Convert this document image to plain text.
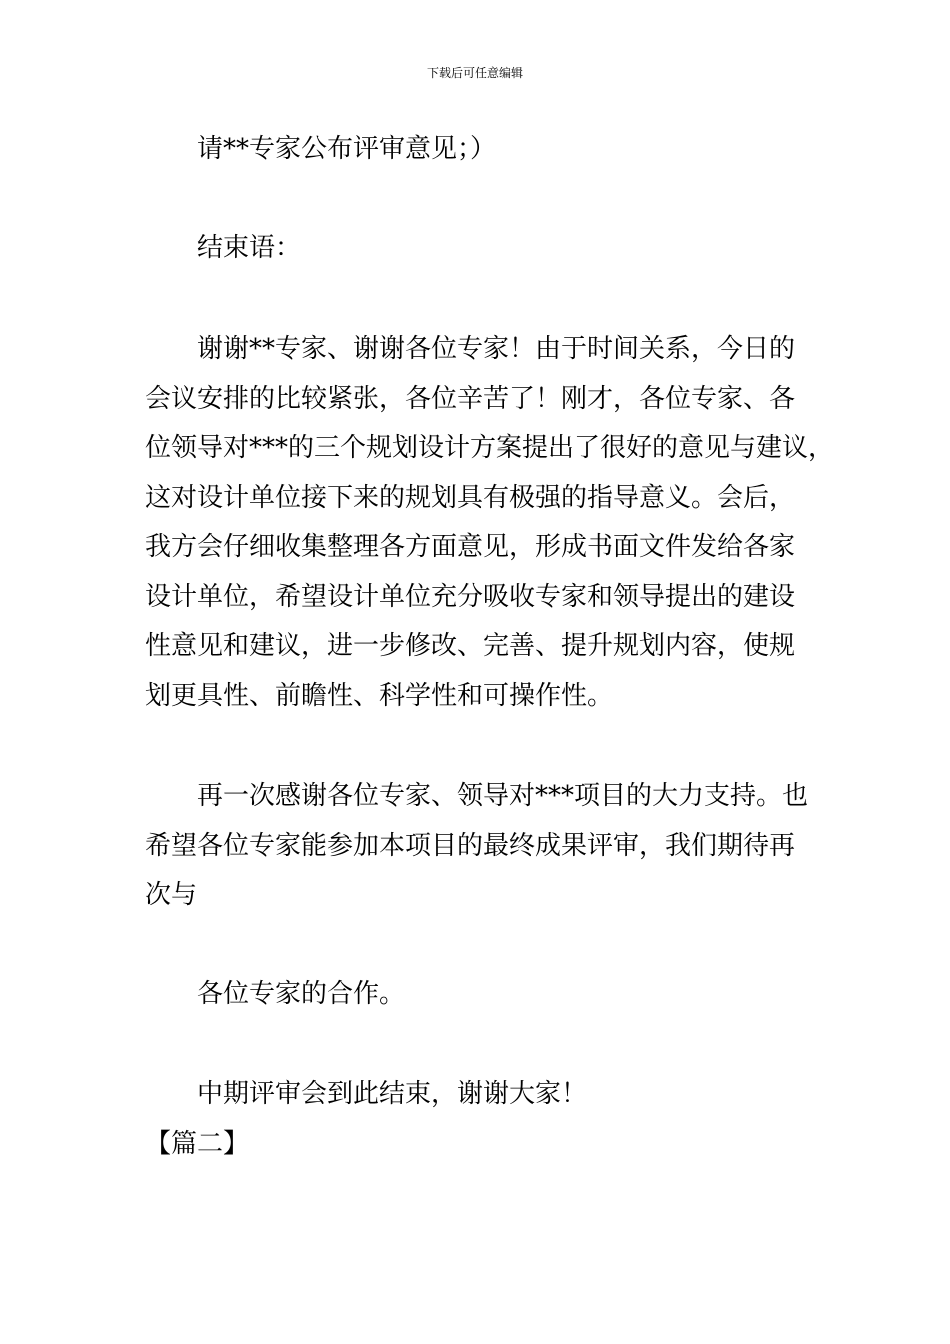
下载后可任意编辑
请**专家公布评审意见；）
结束语：
谢谢**专家、谢谢各位专家！由于时间关系，今日的
会议安排的比较紧张，各位辛苦了！刚才，各位专家、各
位领导对***的三个规划设计方案提出了很好的意见与建议，
这对设计单位接下来的规划具有极强的指导意义。会后，
我方会仔细收集整理各方面意见，形成书面文件发给各家
设计单位，希望设计单位充分吸收专家和领导提出的建设
性意见和建议，进一步修改、完善、提升规划内容，使规
划更具性、前瞻性、科学性和可操作性。
再一次感谢各位专家、领导对***项目的大力支持。也
希望各位专家能参加本项目的最终成果评审，我们期待再
次与
各位专家的合作。
中期评审会到此结束，谢谢大家！
【篇二】
